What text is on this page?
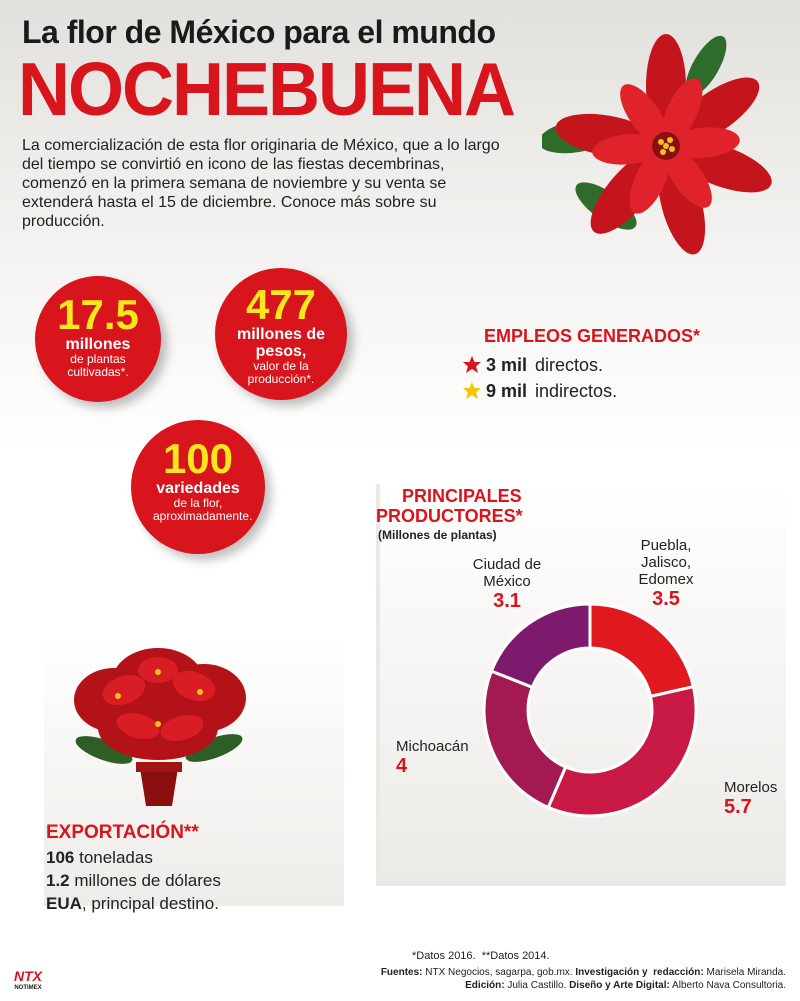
La flor de México para el mundo
NOCHEBUENA
La comercialización de esta flor originaria de México, que a lo largo del tiempo se convirtió en icono de las fiestas decembrinas, comenzó en la primera semana de noviembre y su venta se extenderá hasta el 15 de diciembre. Conoce más sobre su producción.
17.5
millones
de plantas cultivadas*.
477
millones de pesos,
valor de la producción*.
100
variedades
de la flor, aproximadamente.
EMPLEOS GENERADOS*
3 mil directos.
9 mil indirectos.
PRINCIPALES
PRODUCTORES*
(Millones de plantas)
Puebla,
Jalisco,
Edomex
3.5
Morelos
5.7
Michoacán
4
Ciudad de
México
3.1
EXPORTACIÓN**
106 toneladas
1.2 millones de dólares
EUA, principal destino.
*Datos 2016.  **Datos 2014.
Fuentes: NTX Negocios, sagarpa, gob.mx. Investigación y  redacción: Marisela Miranda.
Edición: Julia Castillo. Diseño y Arte Digital: Alberto Nava Consultoria.
NTX
NOTIMEX
